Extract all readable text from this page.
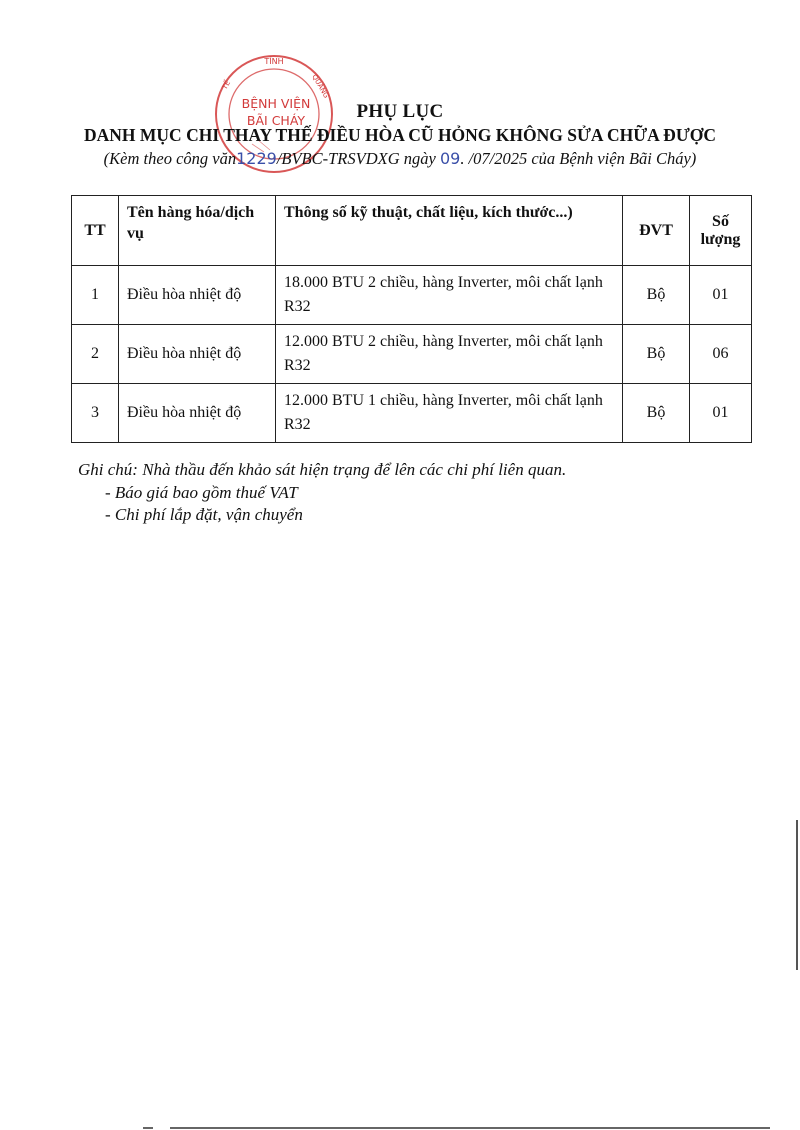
TỈNH
TẾ	QUẢNG
BỆNH VIỆN
BÃI CHÁY	PHỤ LỤC
DANH MỤC CHI THAY THẾ ĐIỀU HÒA CŨ HỎNG KHÔNG SỬA CHỮA ĐƯỢC
(Kèm theo công văn1229/BVBC-TRSVDXG ngày 09. /07/2025 của Bệnh viện Bãi Cháy)
TT	Tên hàng hóa/dịch vụ	Thông số kỹ thuật, chất liệu, kích thước...)	ĐVT	Số lượng
1	Điều hòa nhiệt độ	18.000 BTU 2 chiều, hàng Inverter, môi chất lạnh R32	Bộ	01
2	Điều hòa nhiệt độ	12.000 BTU 2 chiều, hàng Inverter, môi chất lạnh R32	Bộ	06
3	Điều hòa nhiệt độ	12.000 BTU 1 chiều, hàng Inverter, môi chất lạnh R32	Bộ	01
Ghi chú: Nhà thầu đến khảo sát hiện trạng để lên các chi phí liên quan.
- Báo giá bao gồm thuế VAT
- Chi phí lắp đặt, vận chuyển
